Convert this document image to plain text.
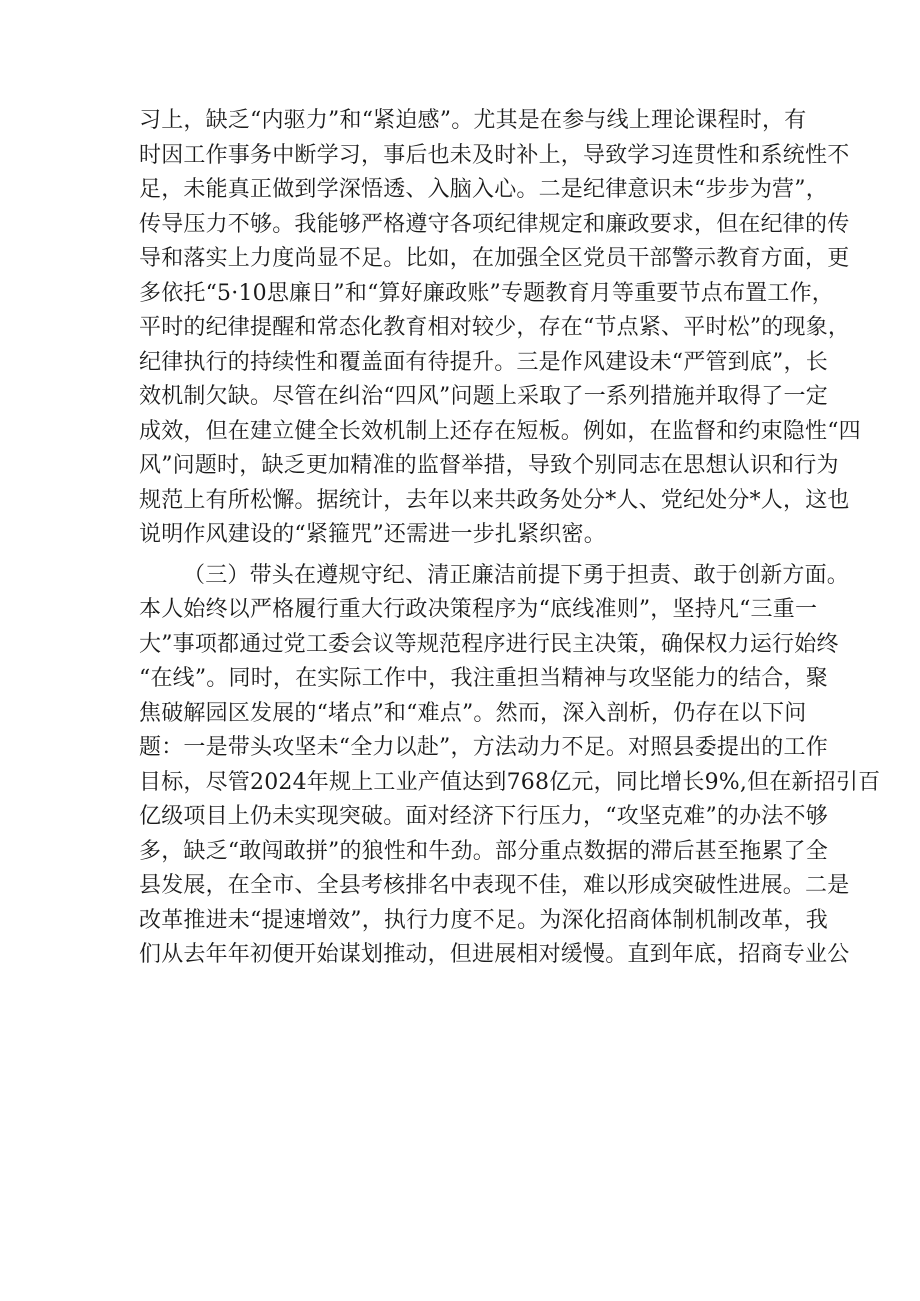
习上，缺乏“内驱力”和“紧迫感”。尤其是在参与线上理论课程时，有
时因工作事务中断学习，事后也未及时补上，导致学习连贯性和系统性不
足，未能真正做到学深悟透、入脑入心。二是纪律意识未“步步为营”，
传导压力不够。我能够严格遵守各项纪律规定和廉政要求，但在纪律的传
导和落实上力度尚显不足。比如，在加强全区党员干部警示教育方面，更
多依托“5·10思廉日”和“算好廉政账”专题教育月等重要节点布置工作，
平时的纪律提醒和常态化教育相对较少，存在“节点紧、平时松”的现象，
纪律执行的持续性和覆盖面有待提升。三是作风建设未“严管到底”，长
效机制欠缺。尽管在纠治“四风”问题上采取了一系列措施并取得了一定
成效，但在建立健全长效机制上还存在短板。例如，在监督和约束隐性“四
风”问题时，缺乏更加精准的监督举措，导致个别同志在思想认识和行为
规范上有所松懈。据统计，去年以来共政务处分*人、党纪处分*人，这也
说明作风建设的“紧箍咒”还需进一步扎紧织密。
（三）带头在遵规守纪、清正廉洁前提下勇于担责、敢于创新方面。
本人始终以严格履行重大行政决策程序为“底线准则”，坚持凡“三重一
大”事项都通过党工委会议等规范程序进行民主决策，确保权力运行始终
“在线”。同时，在实际工作中，我注重担当精神与攻坚能力的结合，聚
焦破解园区发展的“堵点”和“难点”。然而，深入剖析，仍存在以下问
题：一是带头攻坚未“全力以赴”，方法动力不足。对照县委提出的工作
目标，尽管2024年规上工业产值达到768亿元，同比增长9%,但在新招引百
亿级项目上仍未实现突破。面对经济下行压力，“攻坚克难”的办法不够
多，缺乏“敢闯敢拼”的狼性和牛劲。部分重点数据的滞后甚至拖累了全
县发展，在全市、全县考核排名中表现不佳，难以形成突破性进展。二是
改革推进未“提速增效”，执行力度不足。为深化招商体制机制改革，我
们从去年年初便开始谋划推动，但进展相对缓慢。直到年底，招商专业公
